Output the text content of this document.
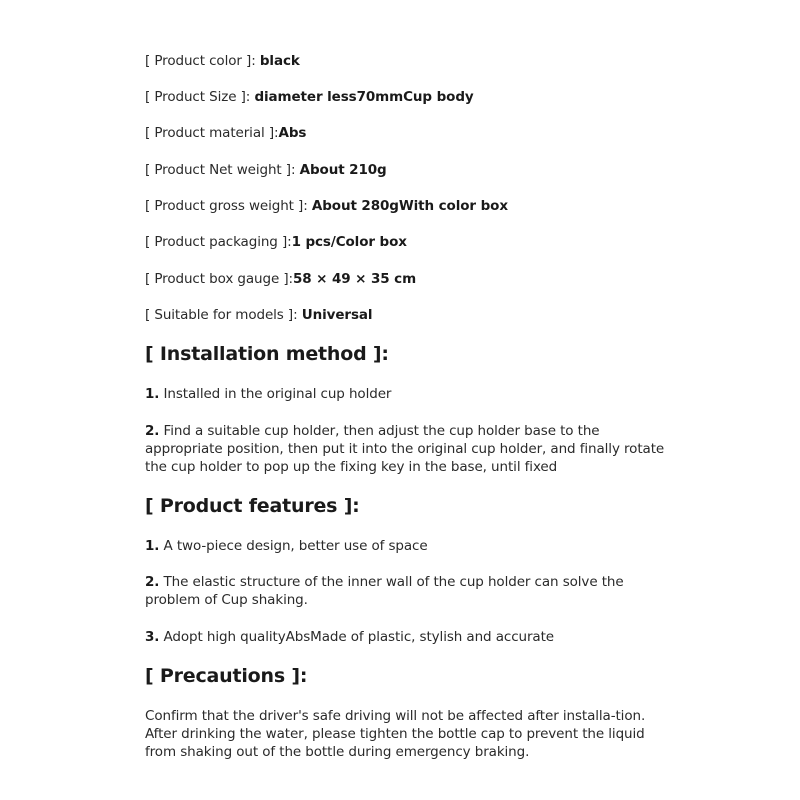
[ Product color ]: black
[ Product Size ]: diameter less70mmCup body
[ Product material ]:Abs
[ Product Net weight ]: About 210g
[ Product gross weight ]: About 280gWith color box
[ Product packaging ]:1 pcs/Color box
[ Product box gauge ]:58 × 49 × 35 cm
[ Suitable for models ]: Universal
[ Installation method ]:
1. Installed in the original cup holder
2. Find a suitable cup holder, then adjust the cup holder base to the appropriate position, then put it into the original cup holder, and finally rotate the cup holder to pop up the fixing key in the base, until fixed
[ Product features ]:
1. A two-piece design, better use of space
2. The elastic structure of the inner wall of the cup holder can solve the problem of Cup shaking.
3. Adopt high qualityAbsMade of plastic, stylish and accurate
[ Precautions ]:
Confirm that the driver's safe driving will not be affected after installa-tion. After drinking the water, please tighten the bottle cap to prevent the liquid from shaking out of the bottle during emergency braking.
